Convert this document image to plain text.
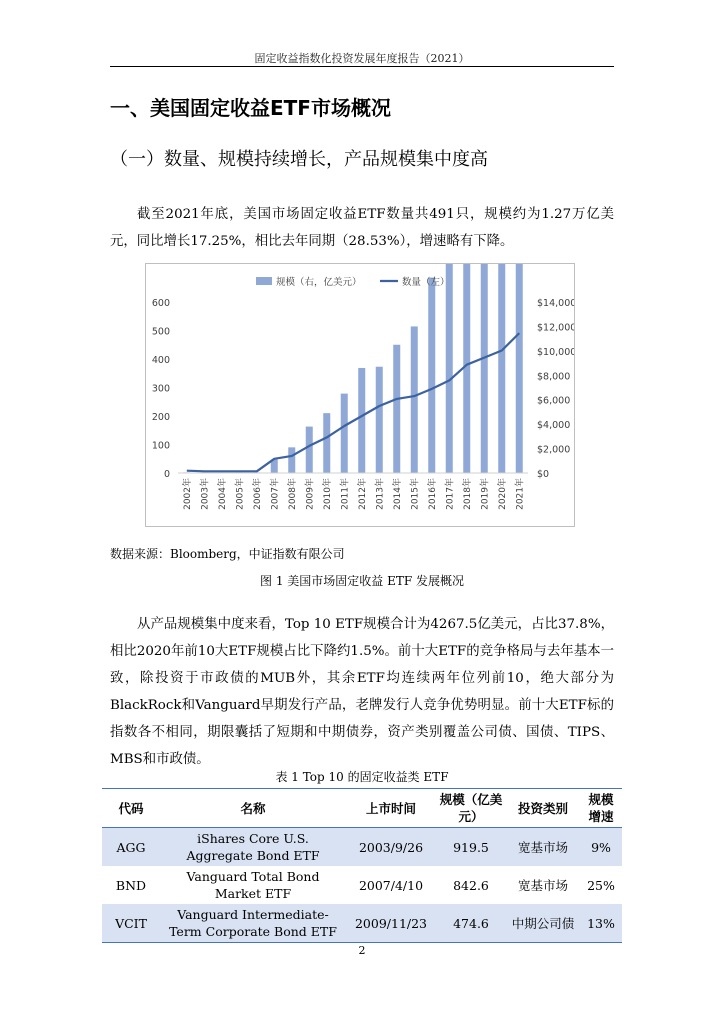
固定收益指数化投资发展年度报告（2021）
一、美国固定收益ETF市场概况
（一）数量、规模持续增长，产品规模集中度高

截至2021年底，美国市场固定收益ETF数量共491只，规模约为1.27万亿美元，同比增长17.25%，相比去年同期（28.53%），增速略有下降。

0
100
200
300
400
500
600
$0
$2,000
$4,000
$6,000
$8,000
$10,000
$12,000
$14,000
2002年 2003年 2004年 2005年 2006年 2007年 2008年 2009年 2010年 2011年 2012年 2013年 2014年 2015年 2016年 2017年 2018年 2019年 2020年 2021年
规模（右，亿美元）	数量（左）
数据来源：Bloomberg，中证指数有限公司
图 1 美国市场固定收益 ETF 发展概况

从产品规模集中度来看，Top 10 ETF规模合计为4267.5亿美元，占比37.8%，相比2020年前10大ETF规模占比下降约1.5%。前十大ETF的竞争格局与去年基本一致，除投资于市政债的MUB外，其余ETF均连续两年位列前10，绝大部分为BlackRock和Vanguard早期发行产品，老牌发行人竞争优势明显。前十大ETF标的指数各不相同，期限囊括了短期和中期债券，资产类别覆盖公司债、国债、TIPS、MBS和市政债。

表 1 Top 10 的固定收益类 ETF
代码	名称	上市时间	规模（亿美元）	投资类别	规模增速
AGG	iShares Core U.S. Aggregate Bond ETF	2003/9/26	919.5	宽基市场	9%
BND	Vanguard Total Bond Market ETF	2007/4/10	842.6	宽基市场	25%
VCIT	Vanguard Intermediate-Term Corporate Bond ETF	2009/11/23	474.6	中期公司债	13%
2
